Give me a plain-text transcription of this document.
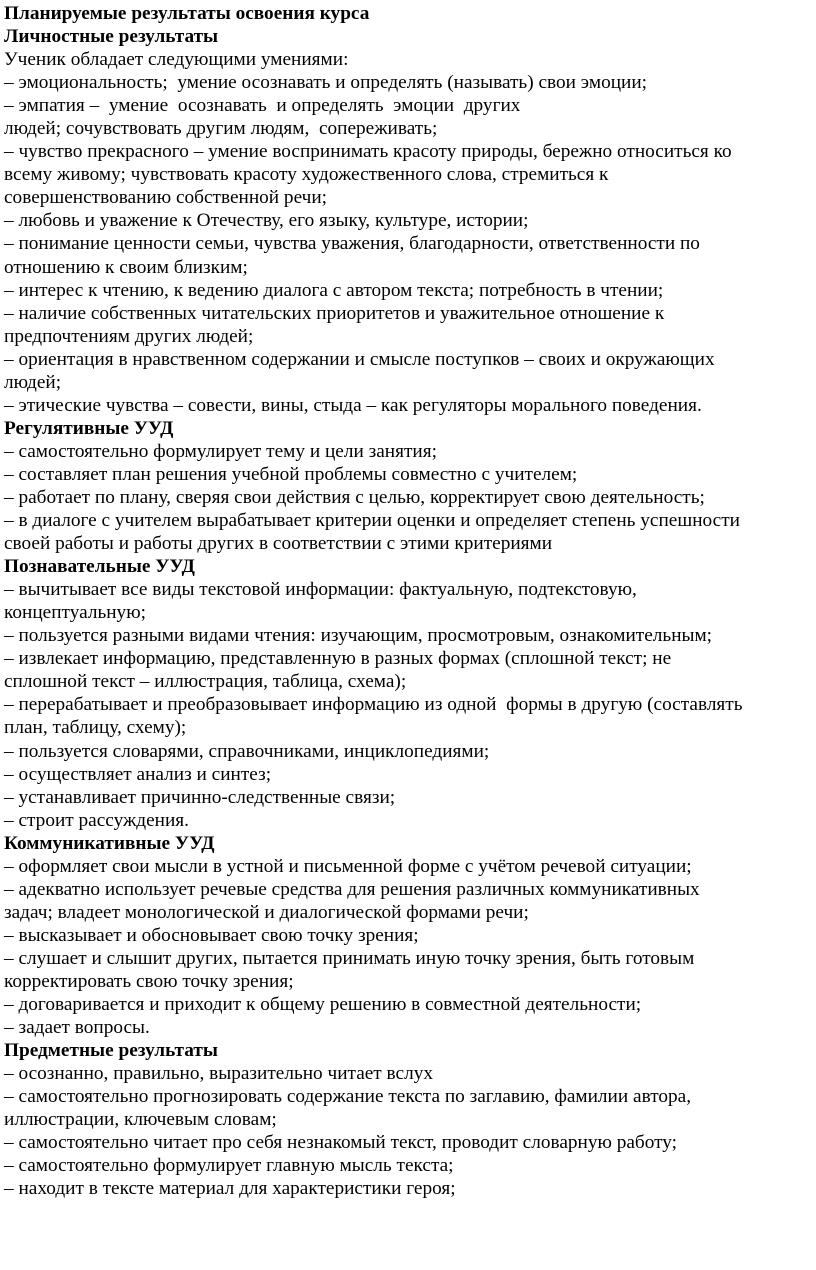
Планируемые результаты освоения курса

Личностные результаты

Ученик обладает следующими умениями:

– эмоциональность;  умение осознавать и определять (называть) свои эмоции;

– эмпатия –  умение  осознавать  и определять  эмоции  других

людей; сочувствовать другим людям,  сопереживать;

– чувство прекрасного – умение воспринимать красоту природы, бережно относиться ко

всему живому; чувствовать красоту художественного слова, стремиться к

совершенствованию собственной речи;

– любовь и уважение к Отечеству, его языку, культуре, истории;

– понимание ценности семьи, чувства уважения, благодарности, ответственности по

отношению к своим близким;

– интерес к чтению, к ведению диалога с автором текста; потребность в чтении;

– наличие собственных читательских приоритетов и уважительное отношение к

предпочтениям других людей;

– ориентация в нравственном содержании и смысле поступков – своих и окружающих

людей;

– этические чувства – совести, вины, стыда – как регуляторы морального поведения.

Регулятивные УУД

– самостоятельно формулирует тему и цели занятия;

– составляет план решения учебной проблемы совместно с учителем;

– работает по плану, сверяя свои действия с целью, корректирует свою деятельность;

– в диалоге с учителем вырабатывает критерии оценки и определяет степень успешности

своей работы и работы других в соответствии с этими критериями

Познавательные УУД

– вычитывает все виды текстовой информации: фактуальную, подтекстовую,

концептуальную;

– пользуется разными видами чтения: изучающим, просмотровым, ознакомительным;

– извлекает информацию, представленную в разных формах (сплошной текст; не

сплошной текст – иллюстрация, таблица, схема);

– перерабатывает и преобразовывает информацию из одной  формы в другую (составлять

план, таблицу, схему);

– пользуется словарями, справочниками, инциклопедиями;

– осуществляет анализ и синтез;

– устанавливает причинно-следственные связи;

– строит рассуждения.

Коммуникативные УУД

– оформляет свои мысли в устной и письменной форме с учётом речевой ситуации;

– адекватно использует речевые средства для решения различных коммуникативных

задач; владеет монологической и диалогической формами речи;

– высказывает и обосновывает свою точку зрения;

– слушает и слышит других, пытается принимать иную точку зрения, быть готовым

корректировать свою точку зрения;

– договаривается и приходит к общему решению в совместной деятельности;

– задает вопросы.

Предметные результаты

– осознанно, правильно, выразительно читает вслух

– самостоятельно прогнозировать содержание текста по заглавию, фамилии автора,

иллюстрации, ключевым словам;

– самостоятельно читает про себя незнакомый текст, проводит словарную работу;

– самостоятельно формулирует главную мысль текста;

– находит в тексте материал для характеристики героя;
